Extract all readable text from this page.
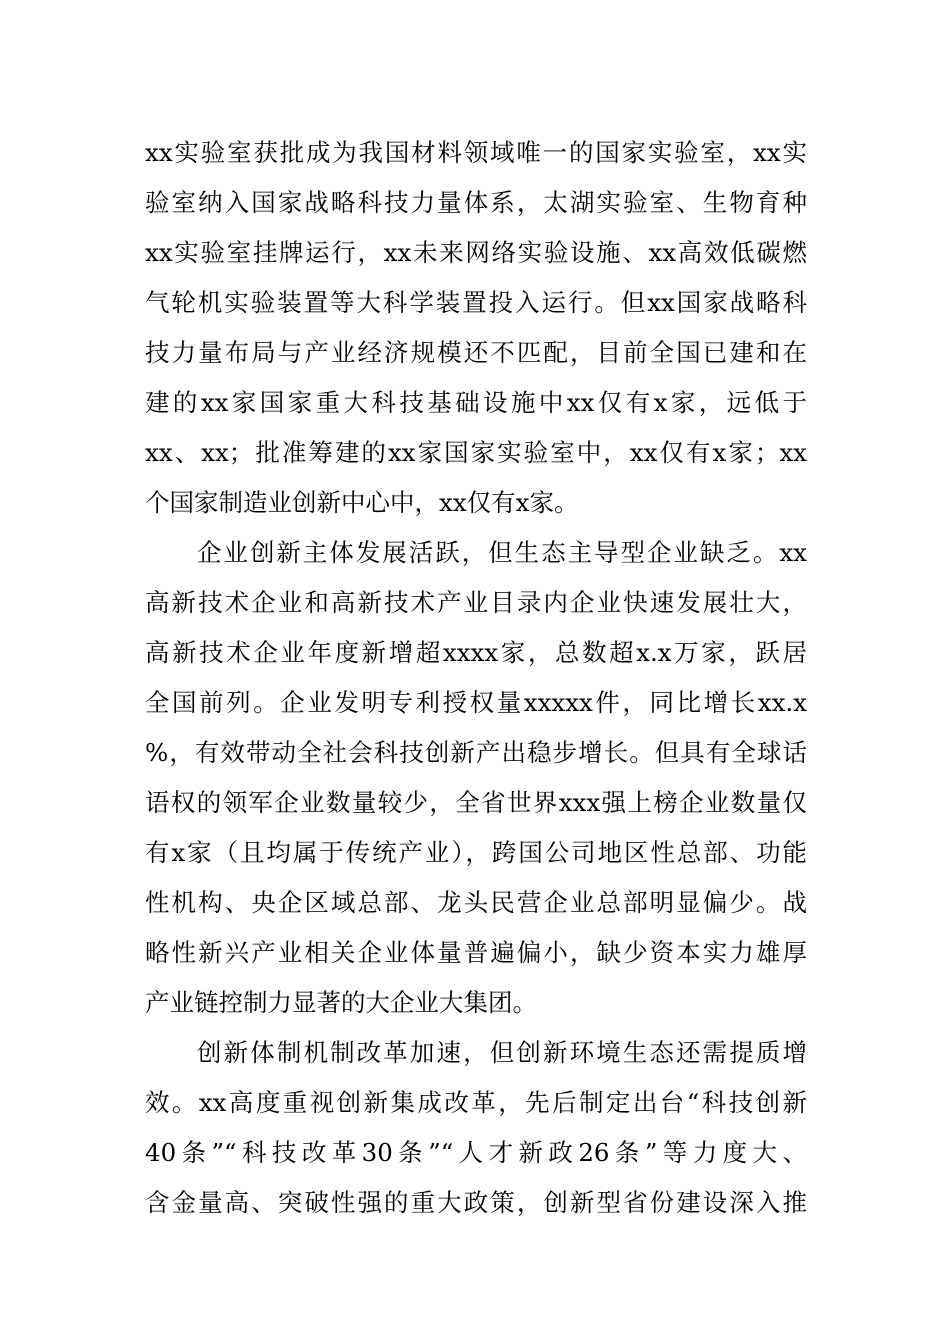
xx实验室获批成为我国材料领域唯一的国家实验室，xx实
验室纳入国家战略科技力量体系，太湖实验室、生物育种
xx实验室挂牌运行，xx未来网络实验设施、xx高效低碳燃
气轮机实验装置等大科学装置投入运行。但xx国家战略科
技力量布局与产业经济规模还不匹配，目前全国已建和在
建的xx家国家重大科技基础设施中xx仅有x家，远低于
xx、xx；批准筹建的xx家国家实验室中，xx仅有x家；xx
个国家制造业创新中心中，xx仅有x家。
企业创新主体发展活跃，但生态主导型企业缺乏。xx
高新技术企业和高新技术产业目录内企业快速发展壮大，
高新技术企业年度新增超xxxx家，总数超x.x万家，跃居
全国前列。企业发明专利授权量xxxxx件，同比增长xx.x
%，有效带动全社会科技创新产出稳步增长。但具有全球话
语权的领军企业数量较少，全省世界xxx强上榜企业数量仅
有x家（且均属于传统产业），跨国公司地区性总部、功能
性机构、央企区域总部、龙头民营企业总部明显偏少。战
略性新兴产业相关企业体量普遍偏小，缺少资本实力雄厚
产业链控制力显著的大企业大集团。
创新体制机制改革加速，但创新环境生态还需提质增
效。xx高度重视创新集成改革，先后制定出台“科技创新
40条”“科技改革30条”“人才新政26条”等力度大、
含金量高、突破性强的重大政策，创新型省份建设深入推
